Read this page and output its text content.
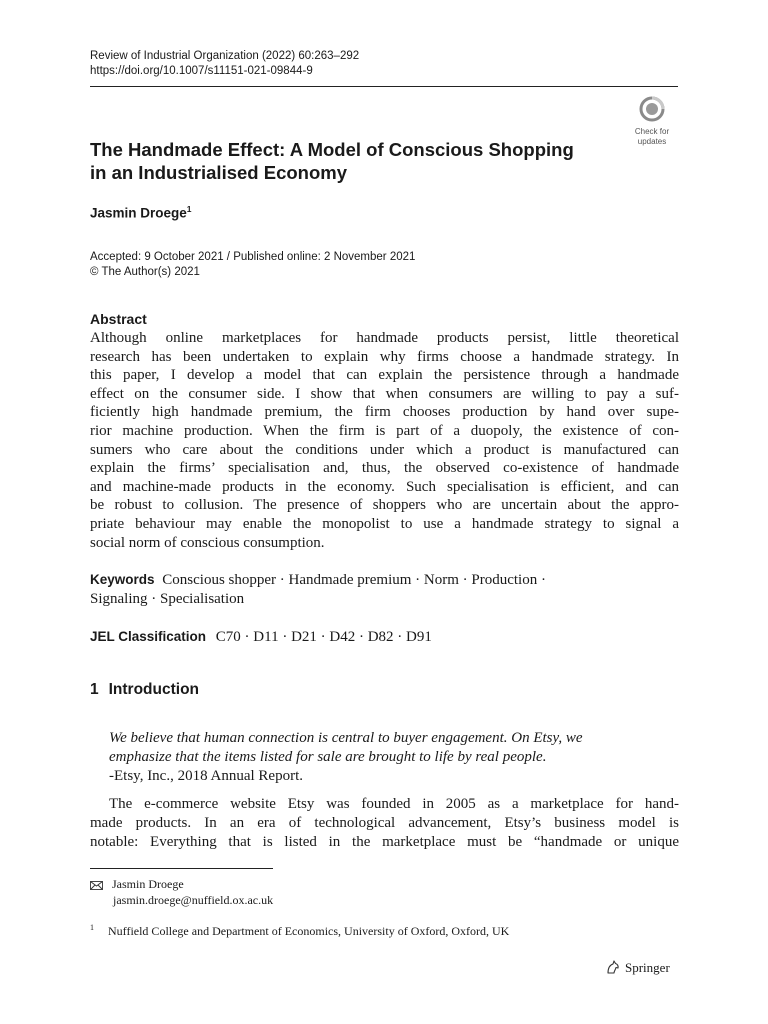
Review of Industrial Organization (2022) 60:263–292
https://doi.org/10.1007/s11151-021-09844-9
Check for
updates
The Handmade Effect: A Model of Conscious Shopping
in an Industrialised Economy
Jasmin Droege$^1$
Accepted: 9 October 2021 / Published online: 2 November 2021
© The Author(s) 2021
Abstract
Although online marketplaces for handmade products persist, little theoretical
research has been undertaken to explain why firms choose a handmade strategy. In
this paper, I develop a model that can explain the persistence through a handmade
effect on the consumer side. I show that when consumers are willing to pay a suf-
ficiently high handmade premium, the firm chooses production by hand over supe-
rior machine production. When the firm is part of a duopoly, the existence of con-
sumers who care about the conditions under which a product is manufactured can
explain the firms’ specialisation and, thus, the observed co-existence of handmade
and machine-made products in the economy. Such specialisation is efficient, and can
be robust to collusion. The presence of shoppers who are uncertain about the appro-
priate behaviour may enable the monopolist to use a handmade strategy to signal a
social norm of conscious consumption.
Keywords Conscious shopper · Handmade premium · Norm · Production ·
Signaling · Specialisation
JEL Classification C70 · D11 · D21 · D42 · D82 · D91
1 Introduction
We believe that human connection is central to buyer engagement. On Etsy, we
emphasize that the items listed for sale are brought to life by real people.
-Etsy, Inc., 2018 Annual Report.
The e-commerce website Etsy was founded in 2005 as a marketplace for hand-
made products. In an era of technological advancement, Etsy’s business model is
notable: Everything that is listed in the marketplace must be “handmade or unique
Jasmin Droege
jasmin.droege@nuffield.ox.ac.uk
$^1$ Nuffield College and Department of Economics, University of Oxford, Oxford, UK
Springer
